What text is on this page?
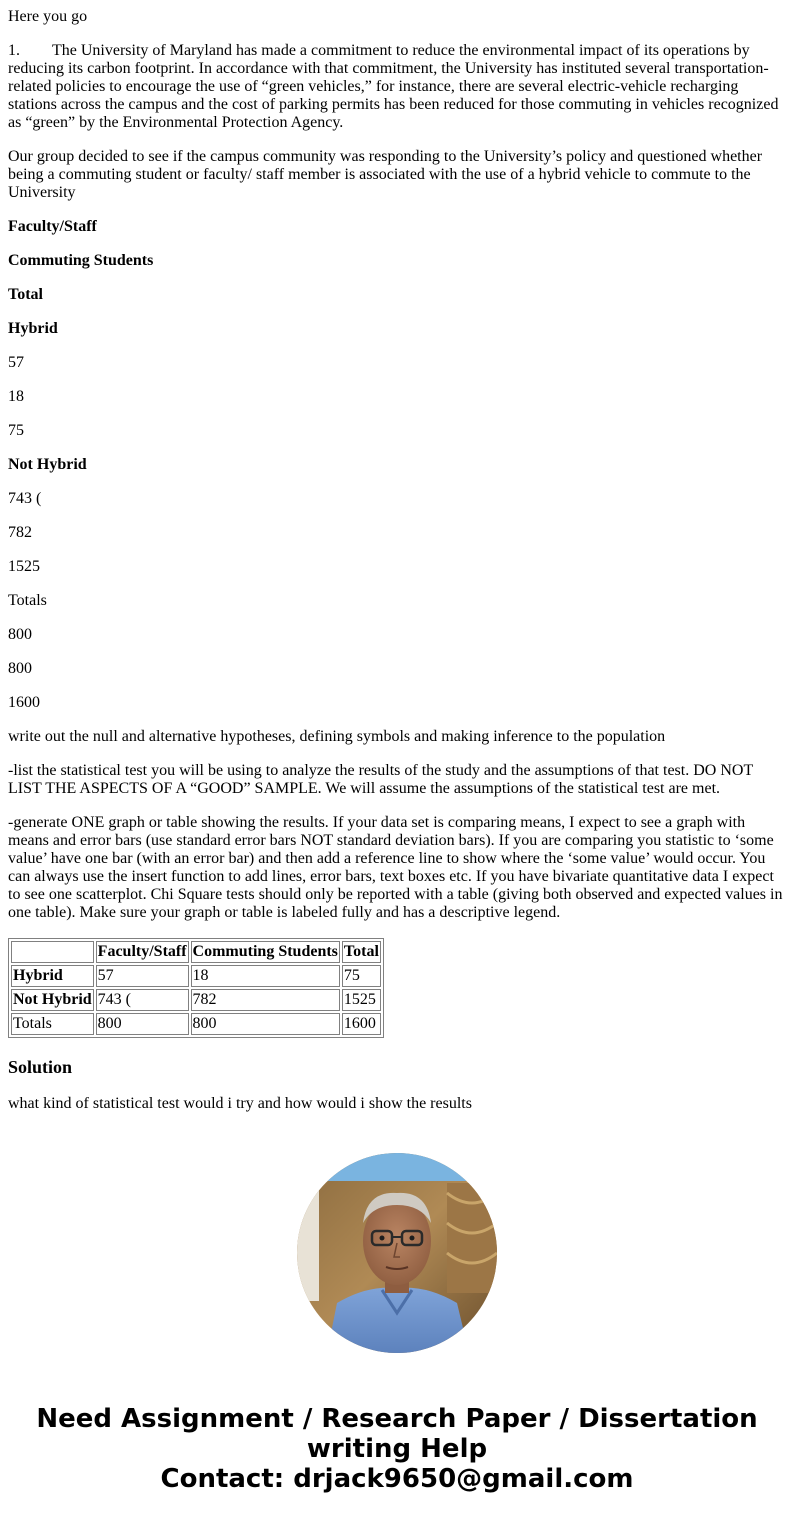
Here you go

1. The University of Maryland has made a commitment to reduce the environmental impact of its operations by reducing its carbon footprint. In accordance with that commitment, the University has instituted several transportation-related policies to encourage the use of “green vehicles,” for instance, there are several electric-vehicle recharging stations across the campus and the cost of parking permits has been reduced for those commuting in vehicles recognized as “green” by the Environmental Protection Agency.

Our group decided to see if the campus community was responding to the University’s policy and questioned whether being a commuting student or faculty/ staff member is associated with the use of a hybrid vehicle to commute to the University

Faculty/Staff

Commuting Students

Total

Hybrid

57

18

75

Not Hybrid

743 (

782

1525

Totals

800

800

1600

write out the null and alternative hypotheses, defining symbols and making inference to the population

-list the statistical test you will be using to analyze the results of the study and the assumptions of that test. DO NOT LIST THE ASPECTS OF A “GOOD” SAMPLE. We will assume the assumptions of the statistical test are met.

-generate ONE graph or table showing the results. If your data set is comparing means, I expect to see a graph with means and error bars (use standard error bars NOT standard deviation bars). If you are comparing you statistic to ‘some value’ have one bar (with an error bar) and then add a reference line to show where the ‘some value’ would occur. You can always use the insert function to add lines, error bars, text boxes etc. If you have bivariate quantitative data I expect to see one scatterplot. Chi Square tests should only be reported with a table (giving both observed and expected values in one table). Make sure your graph or table is labeled fully and has a descriptive legend.

	Faculty/Staff	Commuting Students	Total
Hybrid	57	18	75
Not Hybrid	743 (	782	1525
Totals	800	800	1600
Solution

what kind of statistical test would i try and how would i show the results

Need Assignment / Research Paper / Dissertation
writing Help
Contact: drjack9650@gmail.com
